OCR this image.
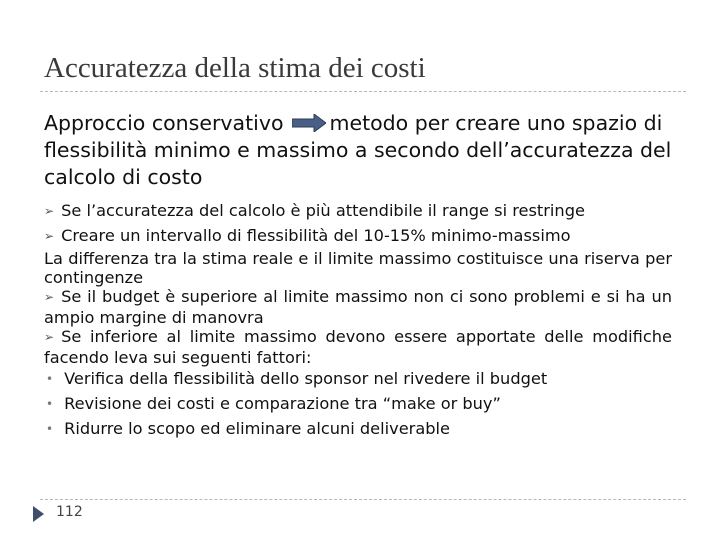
Accuratezza della stima dei costi
Approccio conservativo metodo per creare uno spazio di flessibilità minimo e massimo a secondo dell’accuratezza del calcolo di costo

➢ Se l’accuratezza del calcolo è più attendibile il range si restringe

➢ Creare un intervallo di flessibilità del 10-15% minimo-massimo

La differenza tra la stima reale e il limite massimo costituisce una riserva per contingenze

➢ Se il budget è superiore al limite massimo non ci sono problemi e si ha un ampio margine di manovra

➢ Se inferiore al limite massimo devono essere apportate delle modifiche facendo leva sui seguenti fattori:

• Verifica della flessibilità dello sponsor nel rivedere il budget

• Revisione dei costi e comparazione tra “make or buy”

• Ridurre lo scopo ed eliminare alcuni deliverable

112
